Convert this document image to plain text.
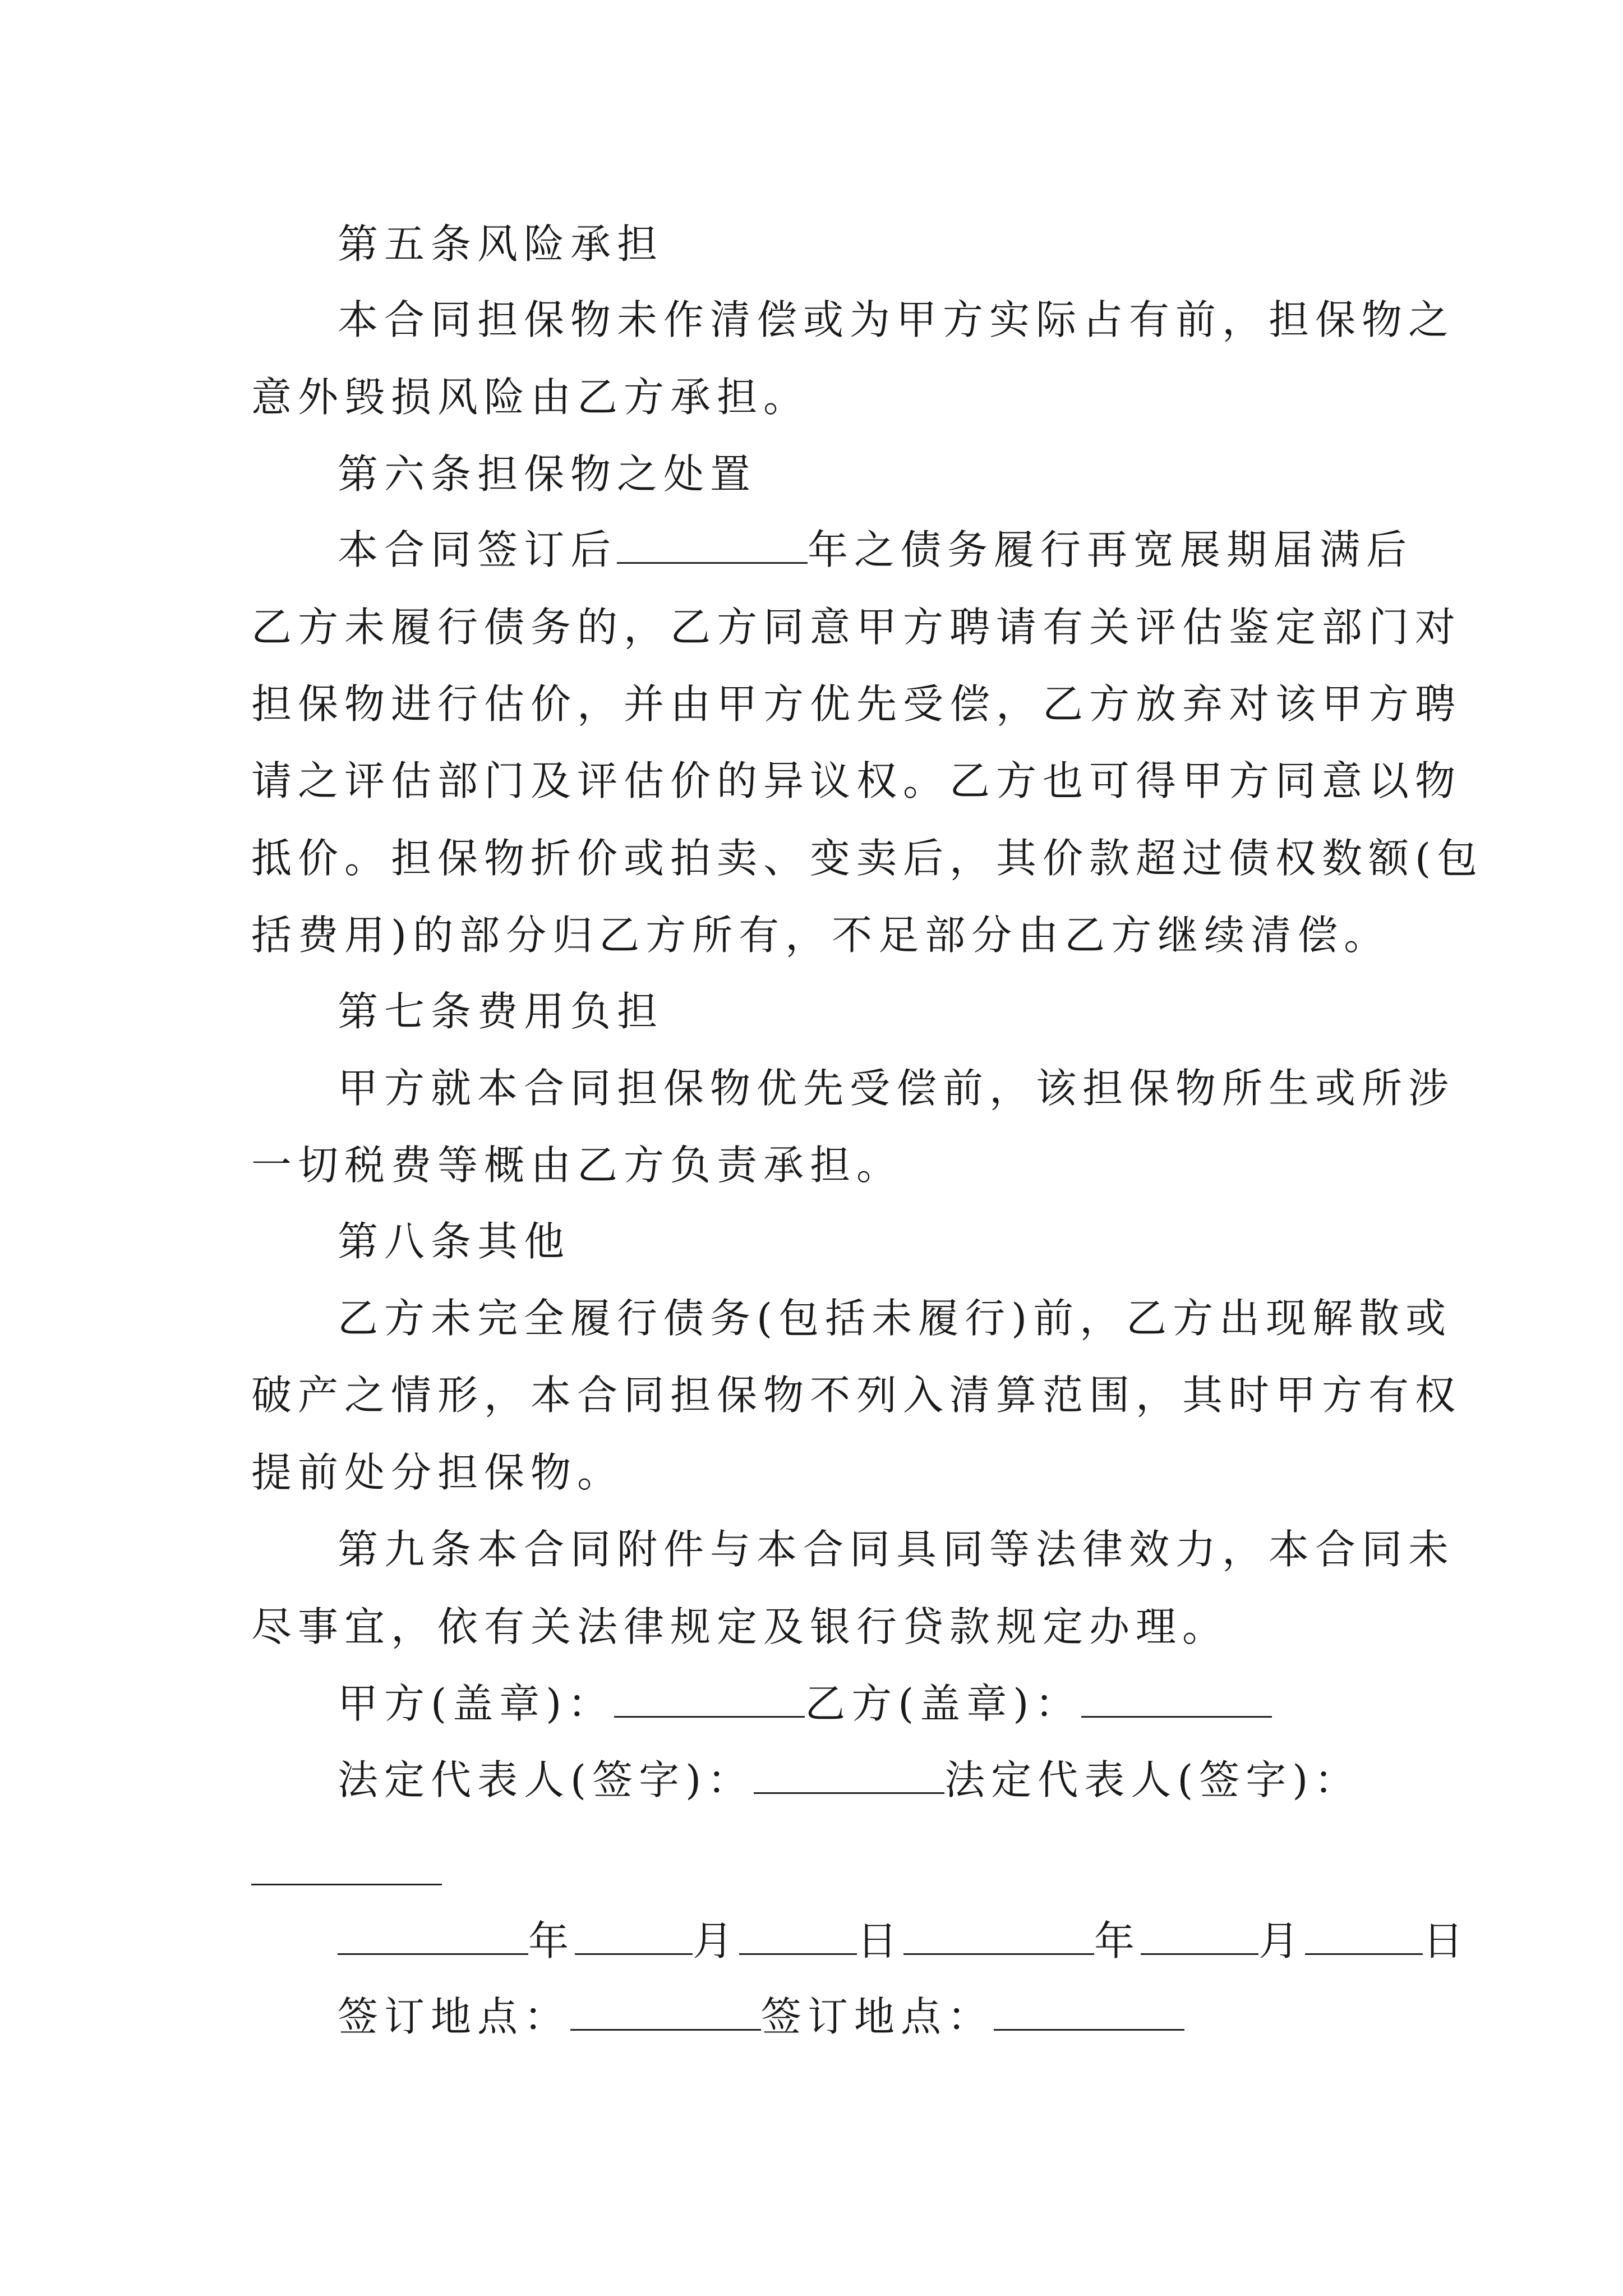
第五条风险承担
本合同担保物未作清偿或为甲方实际占有前，担保物之
意外毁损风险由乙方承担。
第六条担保物之处置
本合同签订后	年之债务履行再宽展期届满后
乙方未履行债务的，乙方同意甲方聘请有关评估鉴定部门对
担保物进行估价，并由甲方优先受偿，乙方放弃对该甲方聘
请之评估部门及评估价的异议权。乙方也可得甲方同意以物
抵价。担保物折价或拍卖、变卖后，其价款超过债权数额(包
括费用)的部分归乙方所有，不足部分由乙方继续清偿。
第七条费用负担
甲方就本合同担保物优先受偿前，该担保物所生或所涉
一切税费等概由乙方负责承担。
第八条其他
乙方未完全履行债务(包括未履行)前，乙方出现解散或
破产之情形，本合同担保物不列入清算范围，其时甲方有权
提前处分担保物。
第九条本合同附件与本合同具同等法律效力，本合同未
尽事宜，依有关法律规定及银行贷款规定办理。
甲方(盖章)：	乙方(盖章)：
法定代表人(签字)：	法定代表人(签字)：
年	月	日	年	月	日
签订地点：	签订地点：
